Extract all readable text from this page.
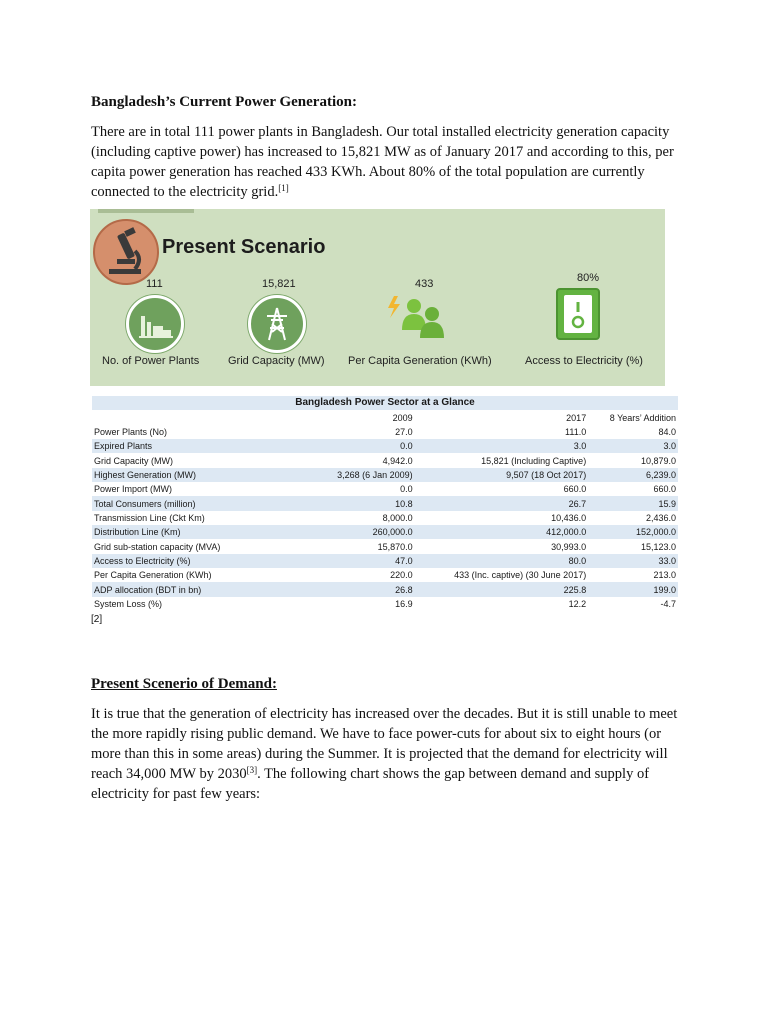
Bangladesh’s Current Power Generation:
There are in total 111 power plants in Bangladesh. Our total installed electricity generation capacity (including captive power) has increased to 15,821 MW as of January 2017 and according to this, per capita power generation has reached 433 KWh. About 80% of the total population are currently connected to the electricity grid.[1]
Present Scenario
111	15,821	433	80%
No. of Power Plants	Grid Capacity (MW) Per Capita Generation (KWh)	Access to Electricity (%)
Bangladesh Power Sector at a Glance			
	2009	2017	8 Years’ Addition
Power Plants (No)	27.0	111.0	84.0
Expired Plants	0.0	3.0	3.0
Grid Capacity (MW)	4,942.0	15,821 (Including Captive)	10,879.0
Highest Generation (MW)	3,268 (6 Jan 2009)	9,507 (18 Oct 2017)	6,239.0
Power Import (MW)	0.0	660.0	660.0
Total Consumers (million)	10.8	26.7	15.9
Transmission Line (Ckt Km)	8,000.0	10,436.0	2,436.0
Distribution Line (Km)	260,000.0	412,000.0	152,000.0
Grid sub-station capacity (MVA)	15,870.0	30,993.0	15,123.0
Access to Electricity (%)	47.0	80.0	33.0
Per Capita Generation (KWh)	220.0	433 (Inc. captive) (30 June 2017)	213.0
ADP allocation (BDT in bn)	26.8	225.8	199.0
System Loss (%)	16.9	12.2	-4.7
[2]
Present Scenerio of Demand:
It is true that the generation of electricity has increased over the decades. But it is still unable to meet the more rapidly rising public demand. We have to face power-cuts for about six to eight hours (or more than this in some areas) during the Summer. It is projected that the demand for electricity will reach 34,000 MW by 2030[3]. The following chart shows the gap between demand and supply of electricity for past few years:
